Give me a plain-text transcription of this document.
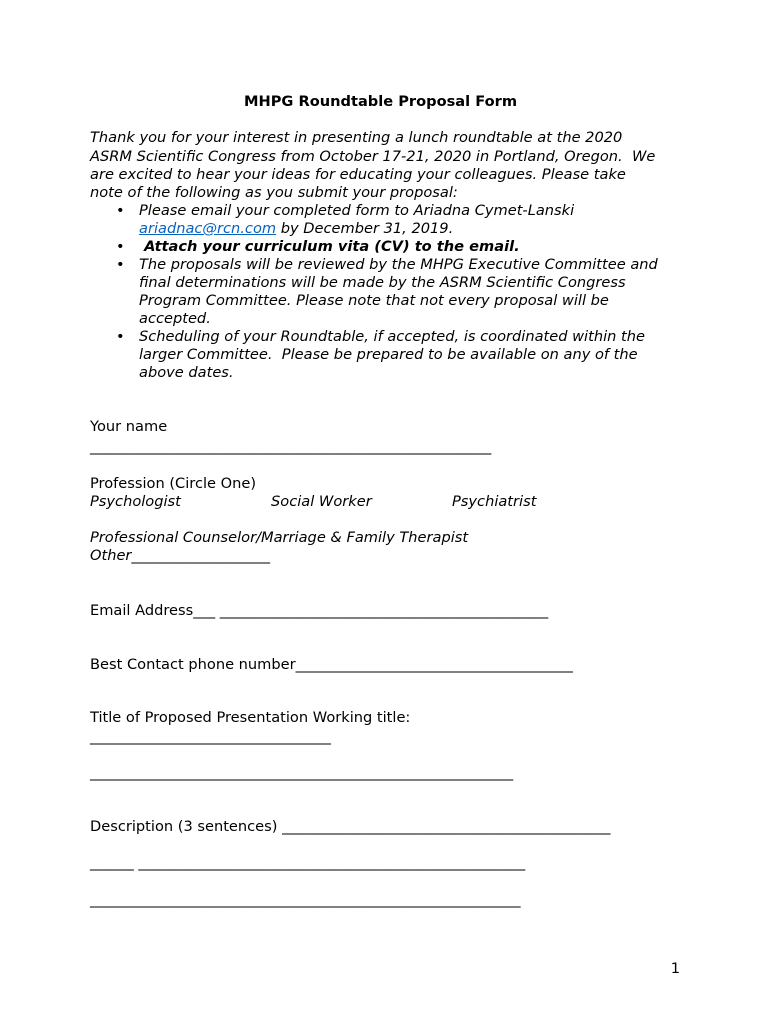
MHPG Roundtable Proposal Form
Thank you for your interest in presenting a lunch roundtable at the 2020
ASRM Scientific Congress from October 17-21, 2020 in Portland, Oregon.  We
are excited to hear your ideas for educating your colleagues. Please take
note of the following as you submit your proposal:
• Please email your completed form to Ariadna Cymet-Lanski
ariadnac@rcn.com by December 31, 2019.
• Attach your curriculum vita (CV) to the email.
• The proposals will be reviewed by the MHPG Executive Committee and
final determinations will be made by the ASRM Scientific Congress
Program Committee. Please note that not every proposal will be
accepted.
• Scheduling of your Roundtable, if accepted, is coordinated within the
larger Committee.  Please be prepared to be available on any of the
above dates.
Your name
_______________________________________________________
Profession (Circle One)
Psychologist	Social Worker	Psychiatrist
Professional Counselor/Marriage & Family Therapist
Other___________________
Email Address___ _____________________________________________
Best Contact phone number______________________________________
Title of Proposed Presentation Working title:
_________________________________
__________________________________________________________
Description (3 sentences) _____________________________________________
______ _____________________________________________________
___________________________________________________________
1
